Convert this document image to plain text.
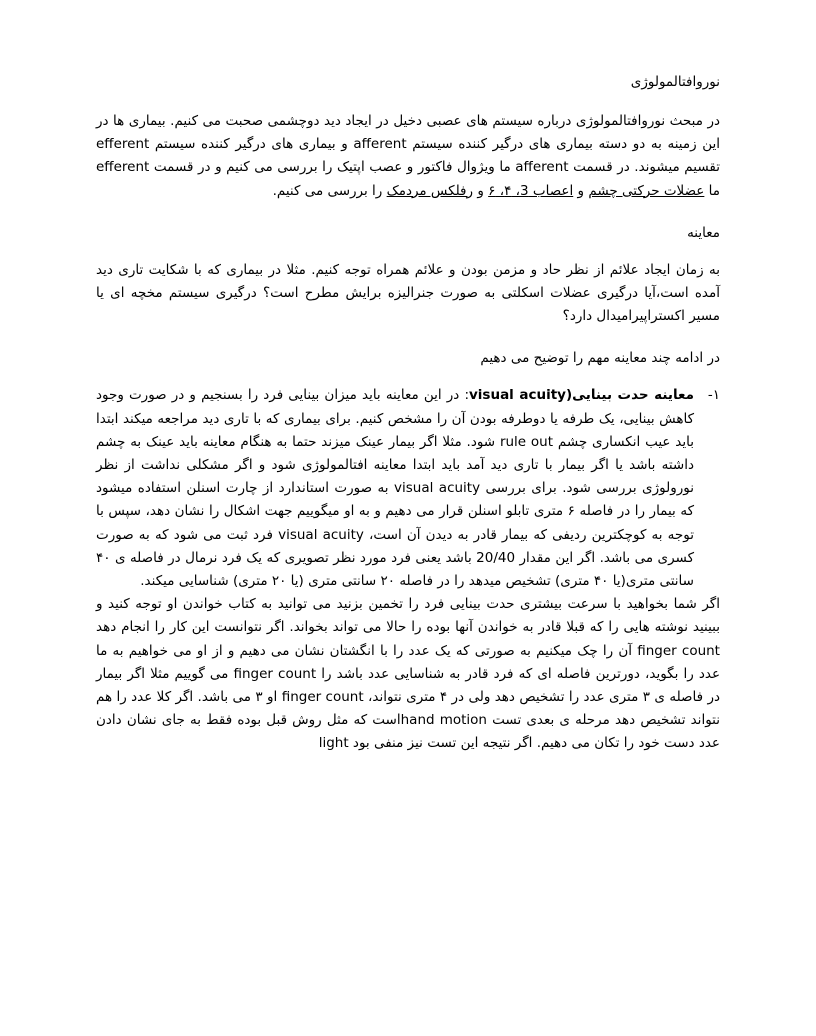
نوروافتالمولوژی

در مبحث نوروافتالمولوژی درباره سیستم های عصبی دخیل در ایجاد دید دوچشمی صحبت می کنیم. بیماری ها در این زمینه به دو دسته بیماری های درگیر کننده سیستم afferent و بیماری های درگیر کننده سیستم efferent تقسیم میشوند. در قسمت afferent ما ویژوال فاکتور و عصب اپتیک را بررسی می کنیم و در قسمت efferent ما عضلات حرکتی چشم و اعصاب 3، ۴، ۶ و رفلکس مردمک را بررسی می کنیم.

معاینه

به زمان ایجاد علائم از نظر حاد و مزمن بودن و علائم همراه توجه کنیم. مثلا در بیماری که با شکایت تاری دید آمده است،آیا درگیری عضلات اسکلتی به صورت جنرالیزه برایش مطرح است؟ درگیری سیستم مخچه ای یا مسیر اکستراپیرامیدال دارد؟

در ادامه چند معاینه مهم را توضیح می دهیم

۱-

معاینه حدت بینایی(visual acuity: در این معاینه باید میزان بینایی فرد را بسنجیم و در صورت وجود کاهش بینایی، یک طرفه یا دوطرفه بودن آن را مشخص کنیم. برای بیماری که با تاری دید مراجعه میکند ابتدا باید عیب انکساری چشم rule out شود. مثلا اگر بیمار عینک میزند حتما به هنگام معاینه باید عینک به چشم داشته باشد یا اگر بیمار با تاری دید آمد باید ابتدا معاینه افتالمولوژی شود و اگر مشکلی نداشت از نظر نورولوژی بررسی شود. برای بررسی visual acuity به صورت استاندارد از چارت اسنلن استفاده میشود که بیمار را در فاصله ۶ متری تابلو اسنلن قرار می دهیم و به او میگوییم جهت اشکال را نشان دهد، سپس با توجه به کوچکترین ردیفی که بیمار قادر به دیدن آن است، visual acuity فرد ثبت می شود که به صورت کسری می باشد. اگر این مقدار 20/40 باشد یعنی فرد مورد نظر تصویری که یک فرد نرمال در فاصله ی ۴۰ سانتی متری(یا ۴۰ متری) تشخیص میدهد را در فاصله ۲۰ سانتی متری (یا ۲۰ متری) شناسایی میکند.

اگر شما بخواهید با سرعت بیشتری حدت بینایی فرد را تخمین بزنید می توانید به کتاب خواندن او توجه کنید و ببینید نوشته هایی را که قبلا قادر به خواندن آنها بوده را حالا می تواند بخواند. اگر نتوانست این کار را انجام دهد finger count آن را چک میکنیم به صورتی که یک عدد را با انگشتان نشان می دهیم و از او می خواهیم به ما عدد را بگوید، دورترین فاصله ای که فرد قادر به شناسایی عدد باشد را finger count می گوییم مثلا اگر بیمار در فاصله ی ۳ متری عدد را تشخیص دهد ولی در ۴ متری نتواند، finger count او ۳ می باشد. اگر کلا عدد را هم نتواند تشخیص دهد مرحله ی بعدی تست hand motionاست که مثل روش قبل بوده فقط به جای نشان دادن عدد دست خود را تکان می دهیم. اگر نتیجه این تست نیز منفی بود light
